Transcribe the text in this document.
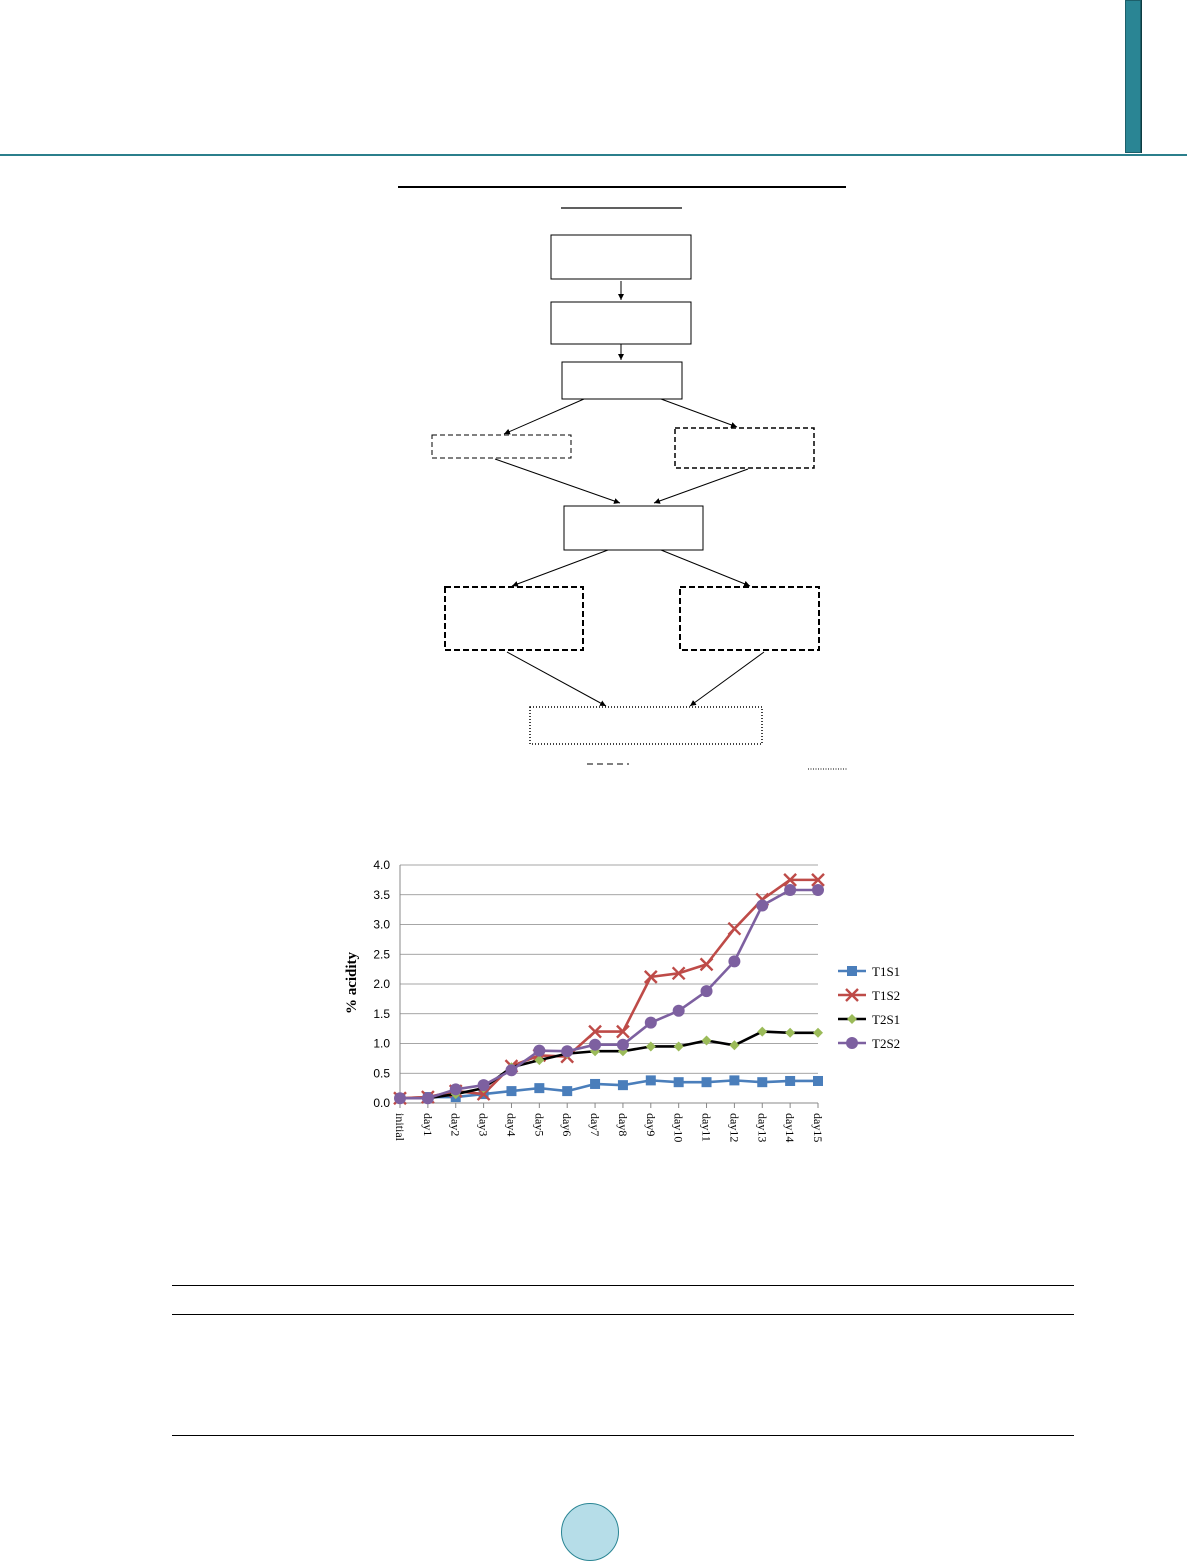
% acidity
0.0
0.5
1.0
1.5
2.0
2.5
3.0
3.5
4.0
initial day1 day2 day3 day4 day5 day6 day7 day8 day9 day10 day11 day12 day13 day14 day15
T1S1
T1S2
T2S1
T2S2
